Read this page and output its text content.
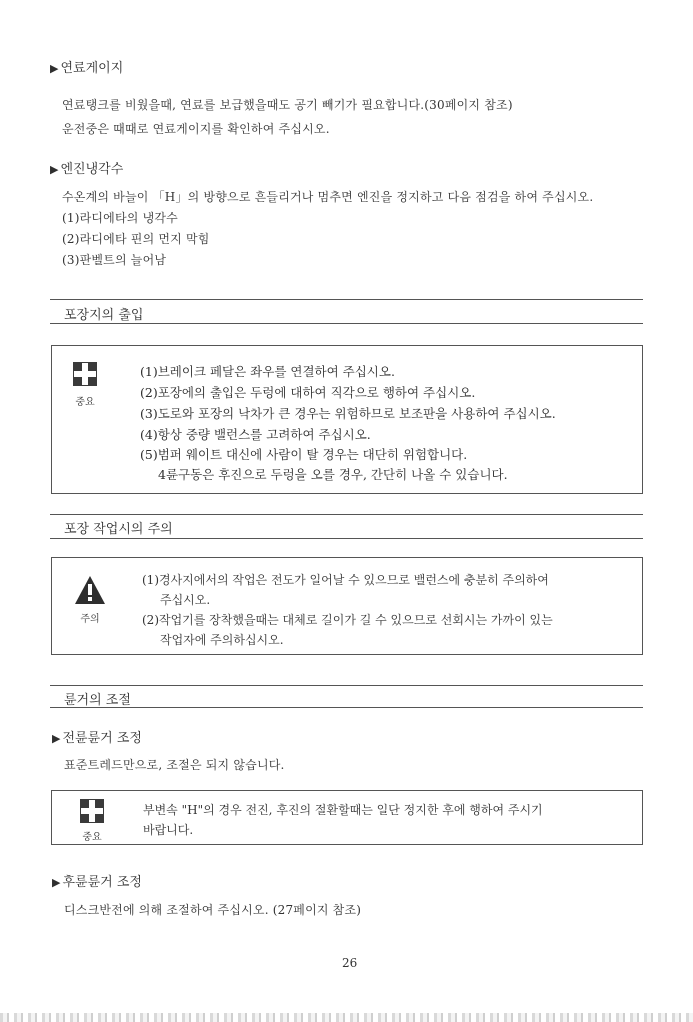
▶ 연료게이지
연료탱크를 비웠을때, 연료를 보급했을때도 공기 빼기가 필요합니다.(30페이지 참조)
운전중은 때때로 연료게이지를 확인하여 주십시오.
▶ 엔진냉각수
수온계의 바늘이 「H」의 방향으로 흔들리거나 멈추면 엔진을 정지하고 다음 점검을 하여 주십시오.
(1)라디에타의 냉각수
(2)라디에타 핀의 먼지 막힘
(3)판벨트의 늘어남
포장지의 출입
중요
(1)브레이크 페달은 좌우를 연결하여 주십시오.
(2)포장에의 출입은 두렁에 대하여 직각으로 행하여 주십시오.
(3)도로와 포장의 낙차가 큰 경우는 위험하므로 보조판을 사용하여 주십시오.
(4)항상 중량 밸런스를 고려하여 주십시오.
(5)범퍼 웨이트 대신에 사람이 탈 경우는 대단히 위험합니다.
4륜구동은 후진으로 두렁을 오를 경우, 간단히 나올 수 있습니다.
포장 작업시의 주의
주의
(1)경사지에서의 작업은 전도가 일어날 수 있으므로 밸런스에 충분히 주의하여
주십시오.
(2)작업기를 장착했을때는 대체로 길이가 길 수 있으므로 선회시는 가까이 있는
작업자에 주의하십시오.
륜거의 조절
▶ 전륜륜거 조정
표준트레드만으로, 조절은 되지 않습니다.
중요
부변속 "H"의 경우 전진, 후진의 절환할때는 일단 정지한 후에 행하여 주시기
바랍니다.
▶ 후륜륜거 조정
디스크반전에 의해 조절하여 주십시오. (27페이지 참조)
26
